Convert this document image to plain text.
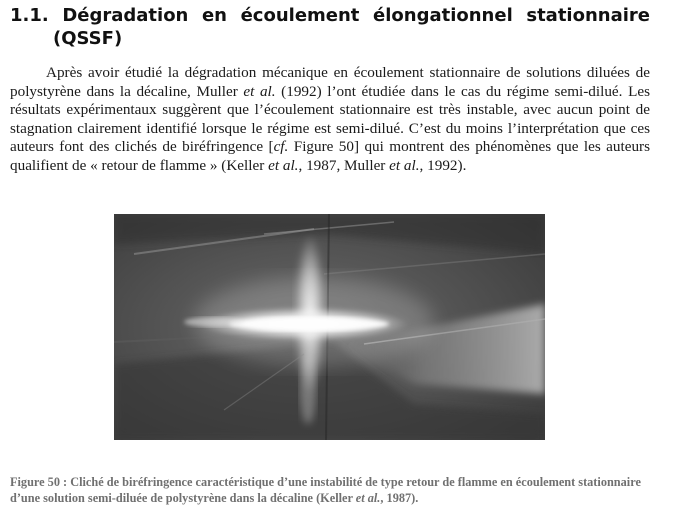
1.1. Dégradation en écoulement élongationnel stationnaire
(QSSF)

Après avoir étudié la dégradation mécanique en écoulement stationnaire de solutions diluées de polystyrène dans la décaline, Muller et al. (1992) l’ont étudiée dans le cas du régime semi-dilué. Les résultats expérimentaux suggèrent que l’écoulement stationnaire est très instable, avec aucun point de stagnation clairement identifié lorsque le régime est semi-dilué. C’est du moins l’interprétation que ces auteurs font des clichés de biréfringence [cf. Figure 50] qui montrent des phénomènes que les auteurs qualifient de « retour de flamme » (Keller et al., 1987, Muller et al., 1992).

Figure 50 : Cliché de biréfringence caractéristique d’une instabilité de type retour de flamme en écoulement stationnaire d’une solution semi-diluée de polystyrène dans la décaline (Keller et al., 1987).
